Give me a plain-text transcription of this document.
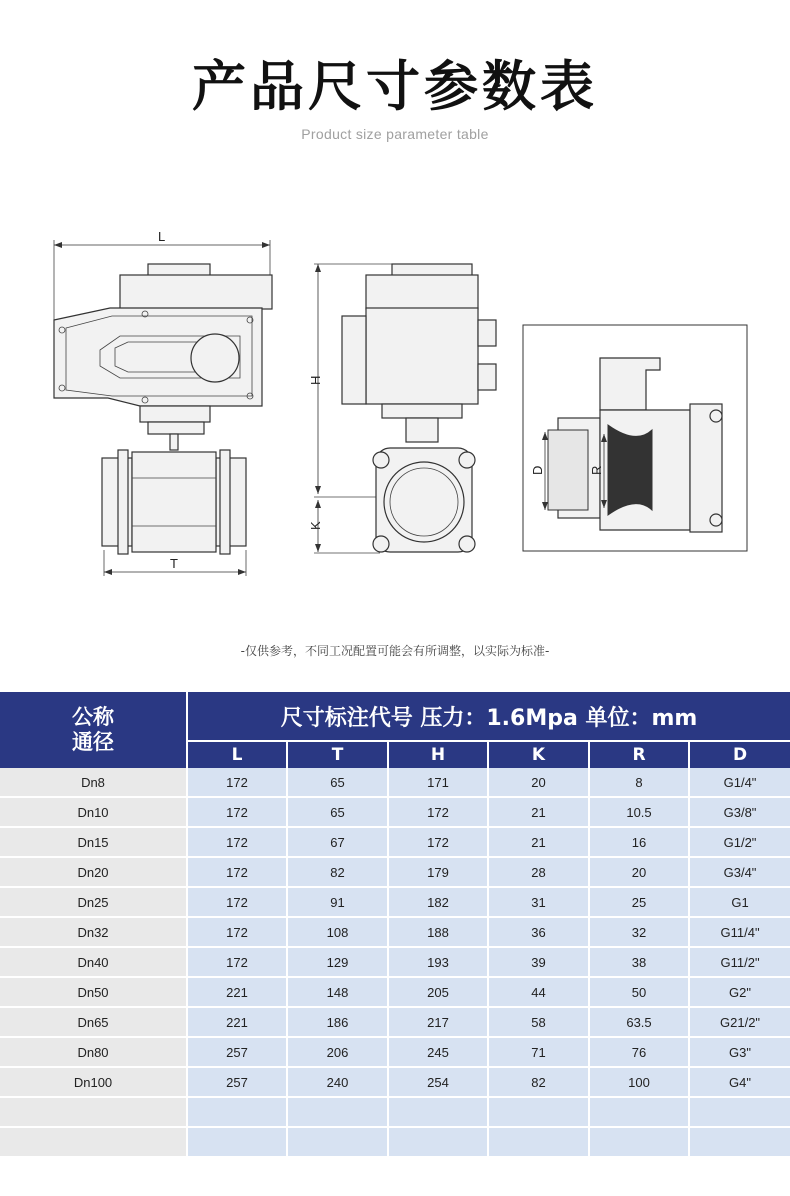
产品尺寸参数表
Product size parameter table
L
T
H
K
D	R
-仅供参考，不同工况配置可能会有所调整，以实际为标准-
公称
通径	尺寸标注代号 压力：1.6Mpa 单位：mm					
	L	T	H	K	R	D
Dn8	172	65	171	20	8	G1/4"
Dn10	172	65	172	21	10.5	G3/8"
Dn15	172	67	172	21	16	G1/2"
Dn20	172	82	179	28	20	G3/4"
Dn25	172	91	182	31	25	G1
Dn32	172	108	188	36	32	G11/4"
Dn40	172	129	193	39	38	G11/2"
Dn50	221	148	205	44	50	G2"
Dn65	221	186	217	58	63.5	G21/2"
Dn80	257	206	245	71	76	G3"
Dn100	257	240	254	82	100	G4"
